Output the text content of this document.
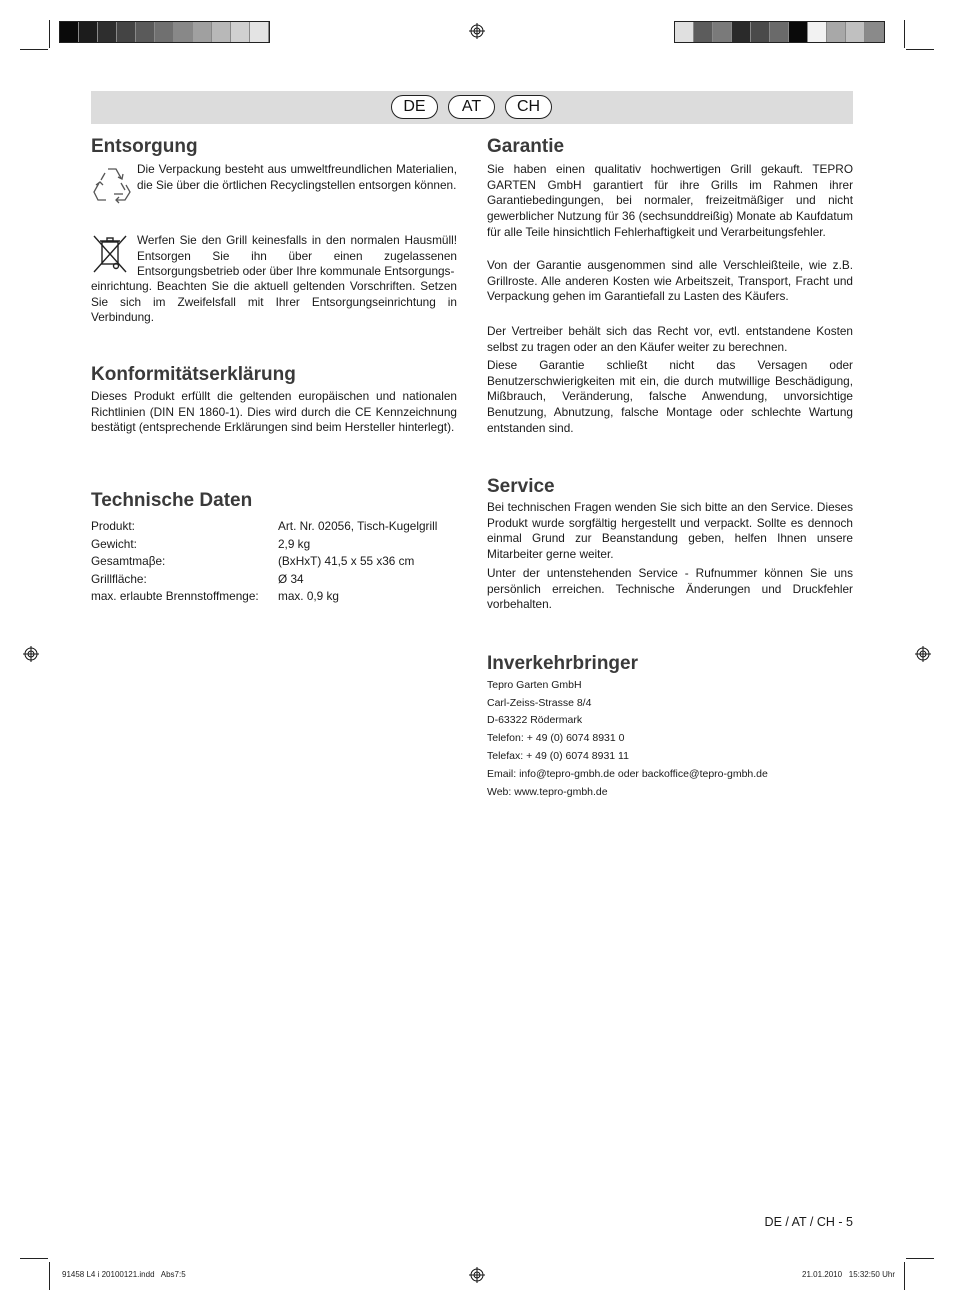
DE	AT	CH
Entsorgung

Die Verpackung besteht aus umweltfreundlichen Materialien, die Sie über die örtlichen Recyclingstellen entsorgen können.

Werfen Sie den Grill keinesfalls in den normalen Hausmüll! Entsorgen Sie ihn über einen zugelassenen Entsorgungsbetrieb oder über Ihre kommunale Entsorgungs-

einrichtung. Beachten Sie die aktuell geltenden Vorschriften. Setzen Sie sich im Zweifelsfall mit Ihrer Entsorgungseinrichtung in Verbindung.

Konformitätserklärung

Dieses Produkt erfüllt die geltenden europäischen und nationalen Richtlinien (DIN EN 1860-1). Dies wird durch die CE Kennzeichnung bestätigt (entsprechende Erklärungen sind beim Hersteller hinterlegt).

Technische Daten
Produkt:	Art. Nr. 02056, Tisch-Kugelgrill
Gewicht:	2,9 kg
Gesamtmaβe:	(BxHxT) 41,5 x 55 x36 cm
Grillfläche:	Ø 34
max. erlaubte Brennstoffmenge: max. 0,9 kg
Garantie

Sie haben einen qualitativ hochwertigen Grill gekauft. TEPRO GARTEN GmbH garantiert für ihre Grills im Rahmen ihrer Garantiebedingungen, bei normaler, freizeitmäßiger und nicht gewerblicher Nutzung für 36 (sechsunddreißig) Monate ab Kaufdatum für alle Teile hinsichtlich Fehlerhaftigkeit und Verarbeitungsfehler.

Von der Garantie ausgenommen sind alle Verschleißteile, wie z.B. Grillroste. Alle anderen Kosten wie Arbeitszeit, Transport, Fracht und Verpackung gehen im Garantiefall zu Lasten des Käufers.

Der Vertreiber behält sich das Recht vor, evtl. entstandene Kosten selbst zu tragen oder an den Käufer weiter zu berechnen.

Diese Garantie schließt nicht das Versagen oder Benutzerschwierigkeiten mit ein, die durch mutwillige Beschädigung, Mißbrauch, Veränderung, falsche Anwendung, unvorsichtige Benutzung, Abnutzung, falsche Montage oder schlechte Wartung entstanden sind.

Service

Bei technischen Fragen wenden Sie sich bitte an den Service. Dieses Produkt wurde sorgfältig hergestellt und verpackt. Sollte es dennoch einmal Grund zur Beanstandung geben, helfen Ihnen unsere Mitarbeiter gerne weiter.

Unter der untenstehenden Service - Rufnummer können Sie uns persönlich erreichen. Technische Änderungen und Druckfehler vorbehalten.

Inverkehrbringer
Tepro Garten GmbH
Carl-Zeiss-Strasse 8/4
D-63322 Rödermark
Telefon: + 49 (0) 6074 8931 0
Telefax: + 49 (0) 6074 8931 11
Email: info@tepro-gmbh.de oder backoffice@tepro-gmbh.de
Web: www.tepro-gmbh.de
DE / AT / CH - 5
91458 L4 i 20100121.indd   Abs7:5	21.01.2010   15:32:50 Uhr
